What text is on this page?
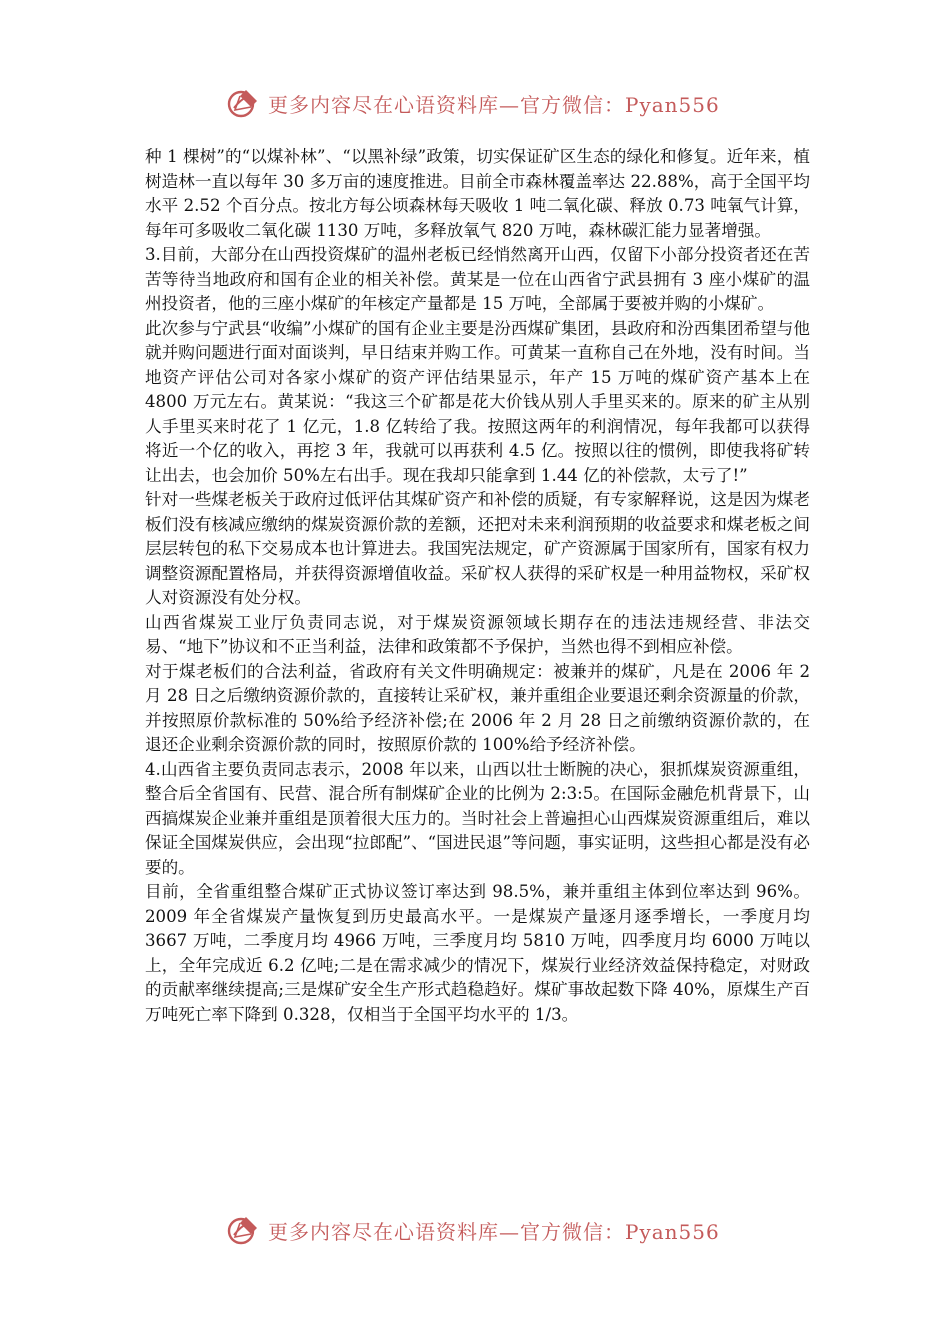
更多内容尽在心语资料库—官方微信：Pyan556

种 1 棵树”的“以煤补林”、“以黑补绿”政策，切实保证矿区生态的绿化和修复。近年来，植树造林一直以每年 30 多万亩的速度推进。目前全市森林覆盖率达 22.88%，高于全国平均水平 2.52 个百分点。按北方每公顷森林每天吸收 1 吨二氧化碳、释放 0.73 吨氧气计算，每年可多吸收二氧化碳 1130 万吨，多释放氧气 820 万吨，森林碳汇能力显著增强。

3.目前，大部分在山西投资煤矿的温州老板已经悄然离开山西，仅留下小部分投资者还在苦苦等待当地政府和国有企业的相关补偿。黄某是一位在山西省宁武县拥有 3 座小煤矿的温州投资者，他的三座小煤矿的年核定产量都是 15 万吨，全部属于要被并购的小煤矿。

此次参与宁武县“收编”小煤矿的国有企业主要是汾西煤矿集团，县政府和汾西集团希望与他就并购问题进行面对面谈判，早日结束并购工作。可黄某一直称自己在外地，没有时间。当地资产评估公司对各家小煤矿的资产评估结果显示，年产 15 万吨的煤矿资产基本上在 4800 万元左右。黄某说：“我这三个矿都是花大价钱从别人手里买来的。原来的矿主从别人手里买来时花了 1 亿元，1.8 亿转给了我。按照这两年的利润情况，每年我都可以获得将近一个亿的收入，再挖 3 年，我就可以再获利 4.5 亿。按照以往的惯例，即使我将矿转让出去，也会加价 50%左右出手。现在我却只能拿到 1.44 亿的补偿款，太亏了!”

针对一些煤老板关于政府过低评估其煤矿资产和补偿的质疑，有专家解释说，这是因为煤老板们没有核减应缴纳的煤炭资源价款的差额，还把对未来利润预期的收益要求和煤老板之间层层转包的私下交易成本也计算进去。我国宪法规定，矿产资源属于国家所有，国家有权力调整资源配置格局，并获得资源增值收益。采矿权人获得的采矿权是一种用益物权，采矿权人对资源没有处分权。

山西省煤炭工业厅负责同志说，对于煤炭资源领域长期存在的违法违规经营、非法交易、“地下”协议和不正当利益，法律和政策都不予保护，当然也得不到相应补偿。

对于煤老板们的合法利益，省政府有关文件明确规定：被兼并的煤矿，凡是在 2006 年 2 月 28 日之后缴纳资源价款的，直接转让采矿权，兼并重组企业要退还剩余资源量的价款，并按照原价款标准的 50%给予经济补偿;在 2006 年 2 月 28 日之前缴纳资源价款的，在退还企业剩余资源价款的同时，按照原价款的 100%给予经济补偿。

4.山西省主要负责同志表示，2008 年以来，山西以壮士断腕的决心，狠抓煤炭资源重组，整合后全省国有、民营、混合所有制煤矿企业的比例为 2:3:5。在国际金融危机背景下，山西搞煤炭企业兼并重组是顶着很大压力的。当时社会上普遍担心山西煤炭资源重组后，难以保证全国煤炭供应，会出现“拉郎配”、“国进民退”等问题，事实证明，这些担心都是没有必要的。

目前，全省重组整合煤矿正式协议签订率达到 98.5%，兼并重组主体到位率达到 96%。2009 年全省煤炭产量恢复到历史最高水平。一是煤炭产量逐月逐季增长，一季度月均 3667 万吨，二季度月均 4966 万吨，三季度月均 5810 万吨，四季度月均 6000 万吨以上，全年完成近 6.2 亿吨;二是在需求减少的情况下，煤炭行业经济效益保持稳定，对财政的贡献率继续提高;三是煤矿安全生产形式趋稳趋好。煤矿事故起数下降 40%，原煤生产百万吨死亡率下降到 0.328，仅相当于全国平均水平的 1/3。

更多内容尽在心语资料库—官方微信：Pyan556
